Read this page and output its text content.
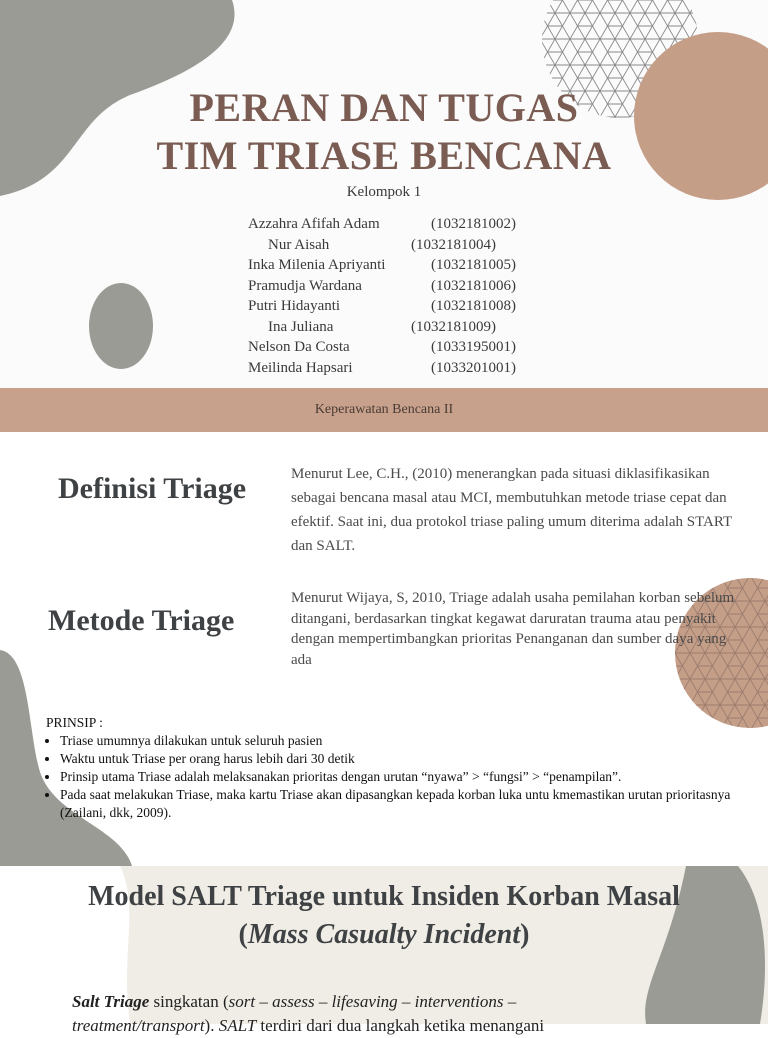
PERAN DAN TUGAS
TIM TRIASE BENCANA
Kelompok 1
Azzahra Afifah Adam	(1032181002)
Nur Aisah	(1032181004)
Inka Milenia Apriyanti	(1032181005)
Pramudja Wardana	(1032181006)
Putri Hidayanti	(1032181008)
Ina Juliana	(1032181009)
Nelson Da Costa	(1033195001)
Meilinda Hapsari	(1033201001)
Keperawatan Bencana II
Definisi Triage	Menurut Lee, C.H., (2010) menerangkan pada situasi diklasifikasikan sebagai bencana masal atau MCI, membutuhkan metode triase cepat dan efektif. Saat ini, dua protokol triase paling umum diterima adalah START dan SALT.
Metode Triage
Menurut Wijaya, S, 2010, Triage adalah usaha pemilahan korban sebelum ditangani, berdasarkan tingkat kegawat daruratan trauma atau penyakit dengan mempertimbangkan prioritas Penanganan dan sumber daya yang ada
PRINSIP :
• Triase umumnya dilakukan untuk seluruh pasien
• Waktu untuk Triase per orang harus lebih dari 30 detik
• Prinsip utama Triase adalah melaksanakan prioritas dengan urutan “nyawa” > “fungsi” > “penampilan”.
• Pada saat melakukan Triase, maka kartu Triase akan dipasangkan kepada korban luka untu kmemastikan urutan prioritasnya (Zailani, dkk, 2009).
Model SALT Triage untuk Insiden Korban Masal
(Mass Casualty Incident)
Salt Triage singkatan (sort – assess – lifesaving – interventions – treatment/transport). SALT terdiri dari dua langkah ketika menangani
